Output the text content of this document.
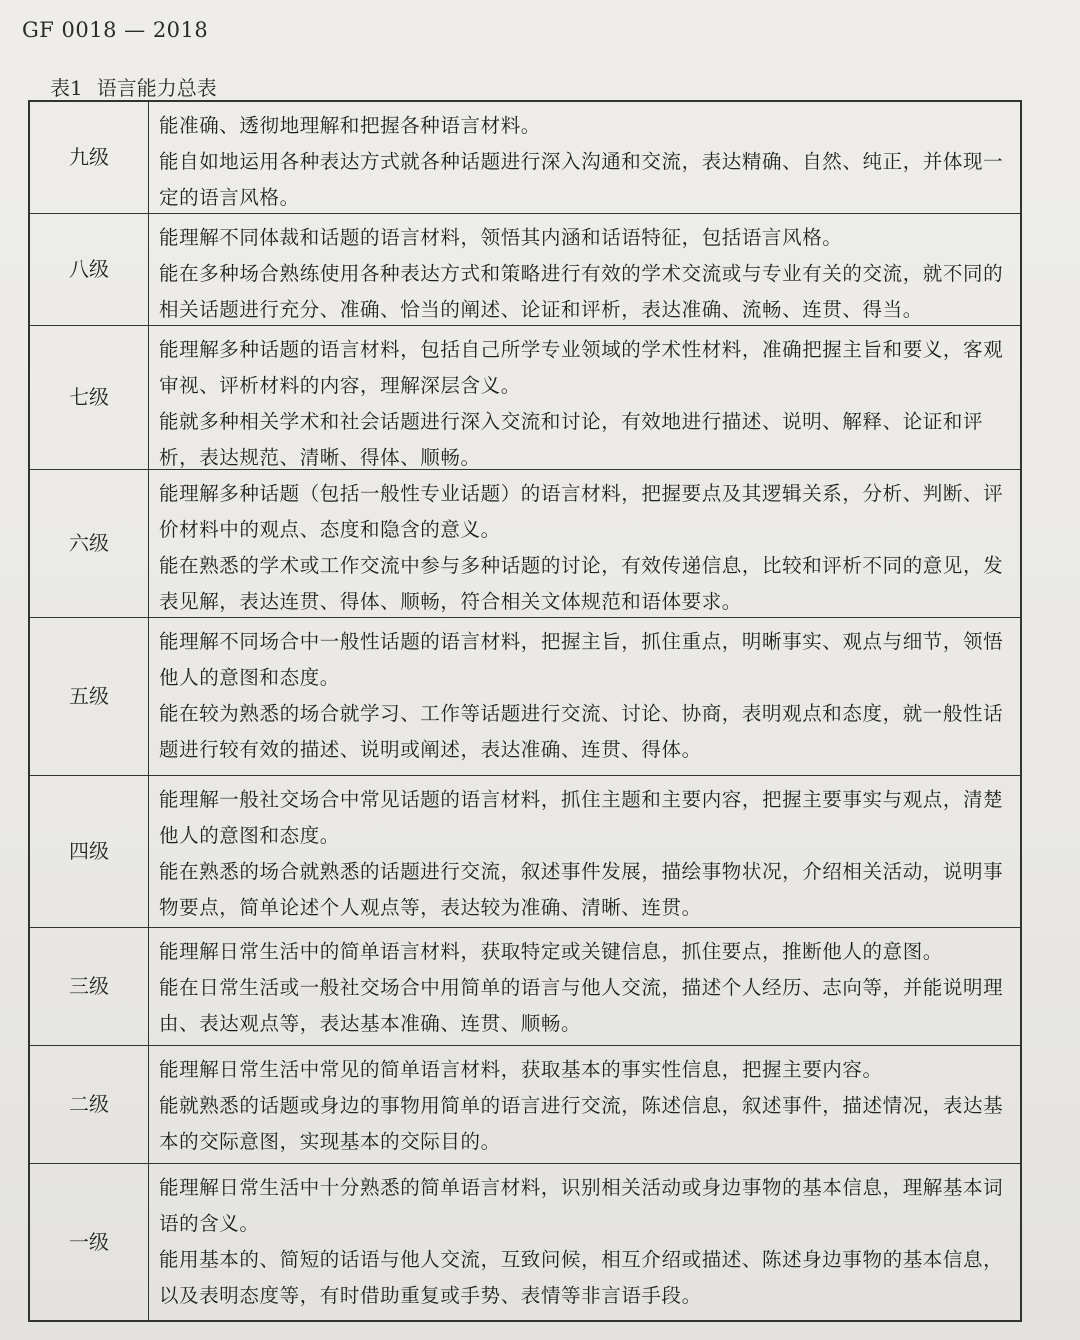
GF 0018 — 2018
表1 语言能力总表
九级

能准确、透彻地理解和把握各种语言材料。

能自如地运用各种表达方式就各种话题进行深入沟通和交流，表达精确、自然、纯正，并体现一定的语言风格。

八级

能理解不同体裁和话题的语言材料，领悟其内涵和话语特征，包括语言风格。

能在多种场合熟练使用各种表达方式和策略进行有效的学术交流或与专业有关的交流，就不同的相关话题进行充分、准确、恰当的阐述、论证和评析，表达准确、流畅、连贯、得当。

七级

能理解多种话题的语言材料，包括自己所学专业领域的学术性材料，准确把握主旨和要义，客观审视、评析材料的内容，理解深层含义。

能就多种相关学术和社会话题进行深入交流和讨论，有效地进行描述、说明、解释、论证和评析，表达规范、清晰、得体、顺畅。

六级

能理解多种话题（包括一般性专业话题）的语言材料，把握要点及其逻辑关系，分析、判断、评价材料中的观点、态度和隐含的意义。

能在熟悉的学术或工作交流中参与多种话题的讨论，有效传递信息，比较和评析不同的意见，发表见解，表达连贯、得体、顺畅，符合相关文体规范和语体要求。

五级

能理解不同场合中一般性话题的语言材料，把握主旨，抓住重点，明晰事实、观点与细节，领悟他人的意图和态度。

能在较为熟悉的场合就学习、工作等话题进行交流、讨论、协商，表明观点和态度，就一般性话题进行较有效的描述、说明或阐述，表达准确、连贯、得体。

四级

能理解一般社交场合中常见话题的语言材料，抓住主题和主要内容，把握主要事实与观点，清楚他人的意图和态度。

能在熟悉的场合就熟悉的话题进行交流，叙述事件发展，描绘事物状况，介绍相关活动，说明事物要点，简单论述个人观点等，表达较为准确、清晰、连贯。

三级

能理解日常生活中的简单语言材料，获取特定或关键信息，抓住要点，推断他人的意图。

能在日常生活或一般社交场合中用简单的语言与他人交流，描述个人经历、志向等，并能说明理由、表达观点等，表达基本准确、连贯、顺畅。

二级

能理解日常生活中常见的简单语言材料，获取基本的事实性信息，把握主要内容。

能就熟悉的话题或身边的事物用简单的语言进行交流，陈述信息，叙述事件，描述情况，表达基本的交际意图，实现基本的交际目的。

一级

能理解日常生活中十分熟悉的简单语言材料，识别相关活动或身边事物的基本信息，理解基本词语的含义。

能用基本的、简短的话语与他人交流，互致问候，相互介绍或描述、陈述身边事物的基本信息，以及表明态度等，有时借助重复或手势、表情等非言语手段。
